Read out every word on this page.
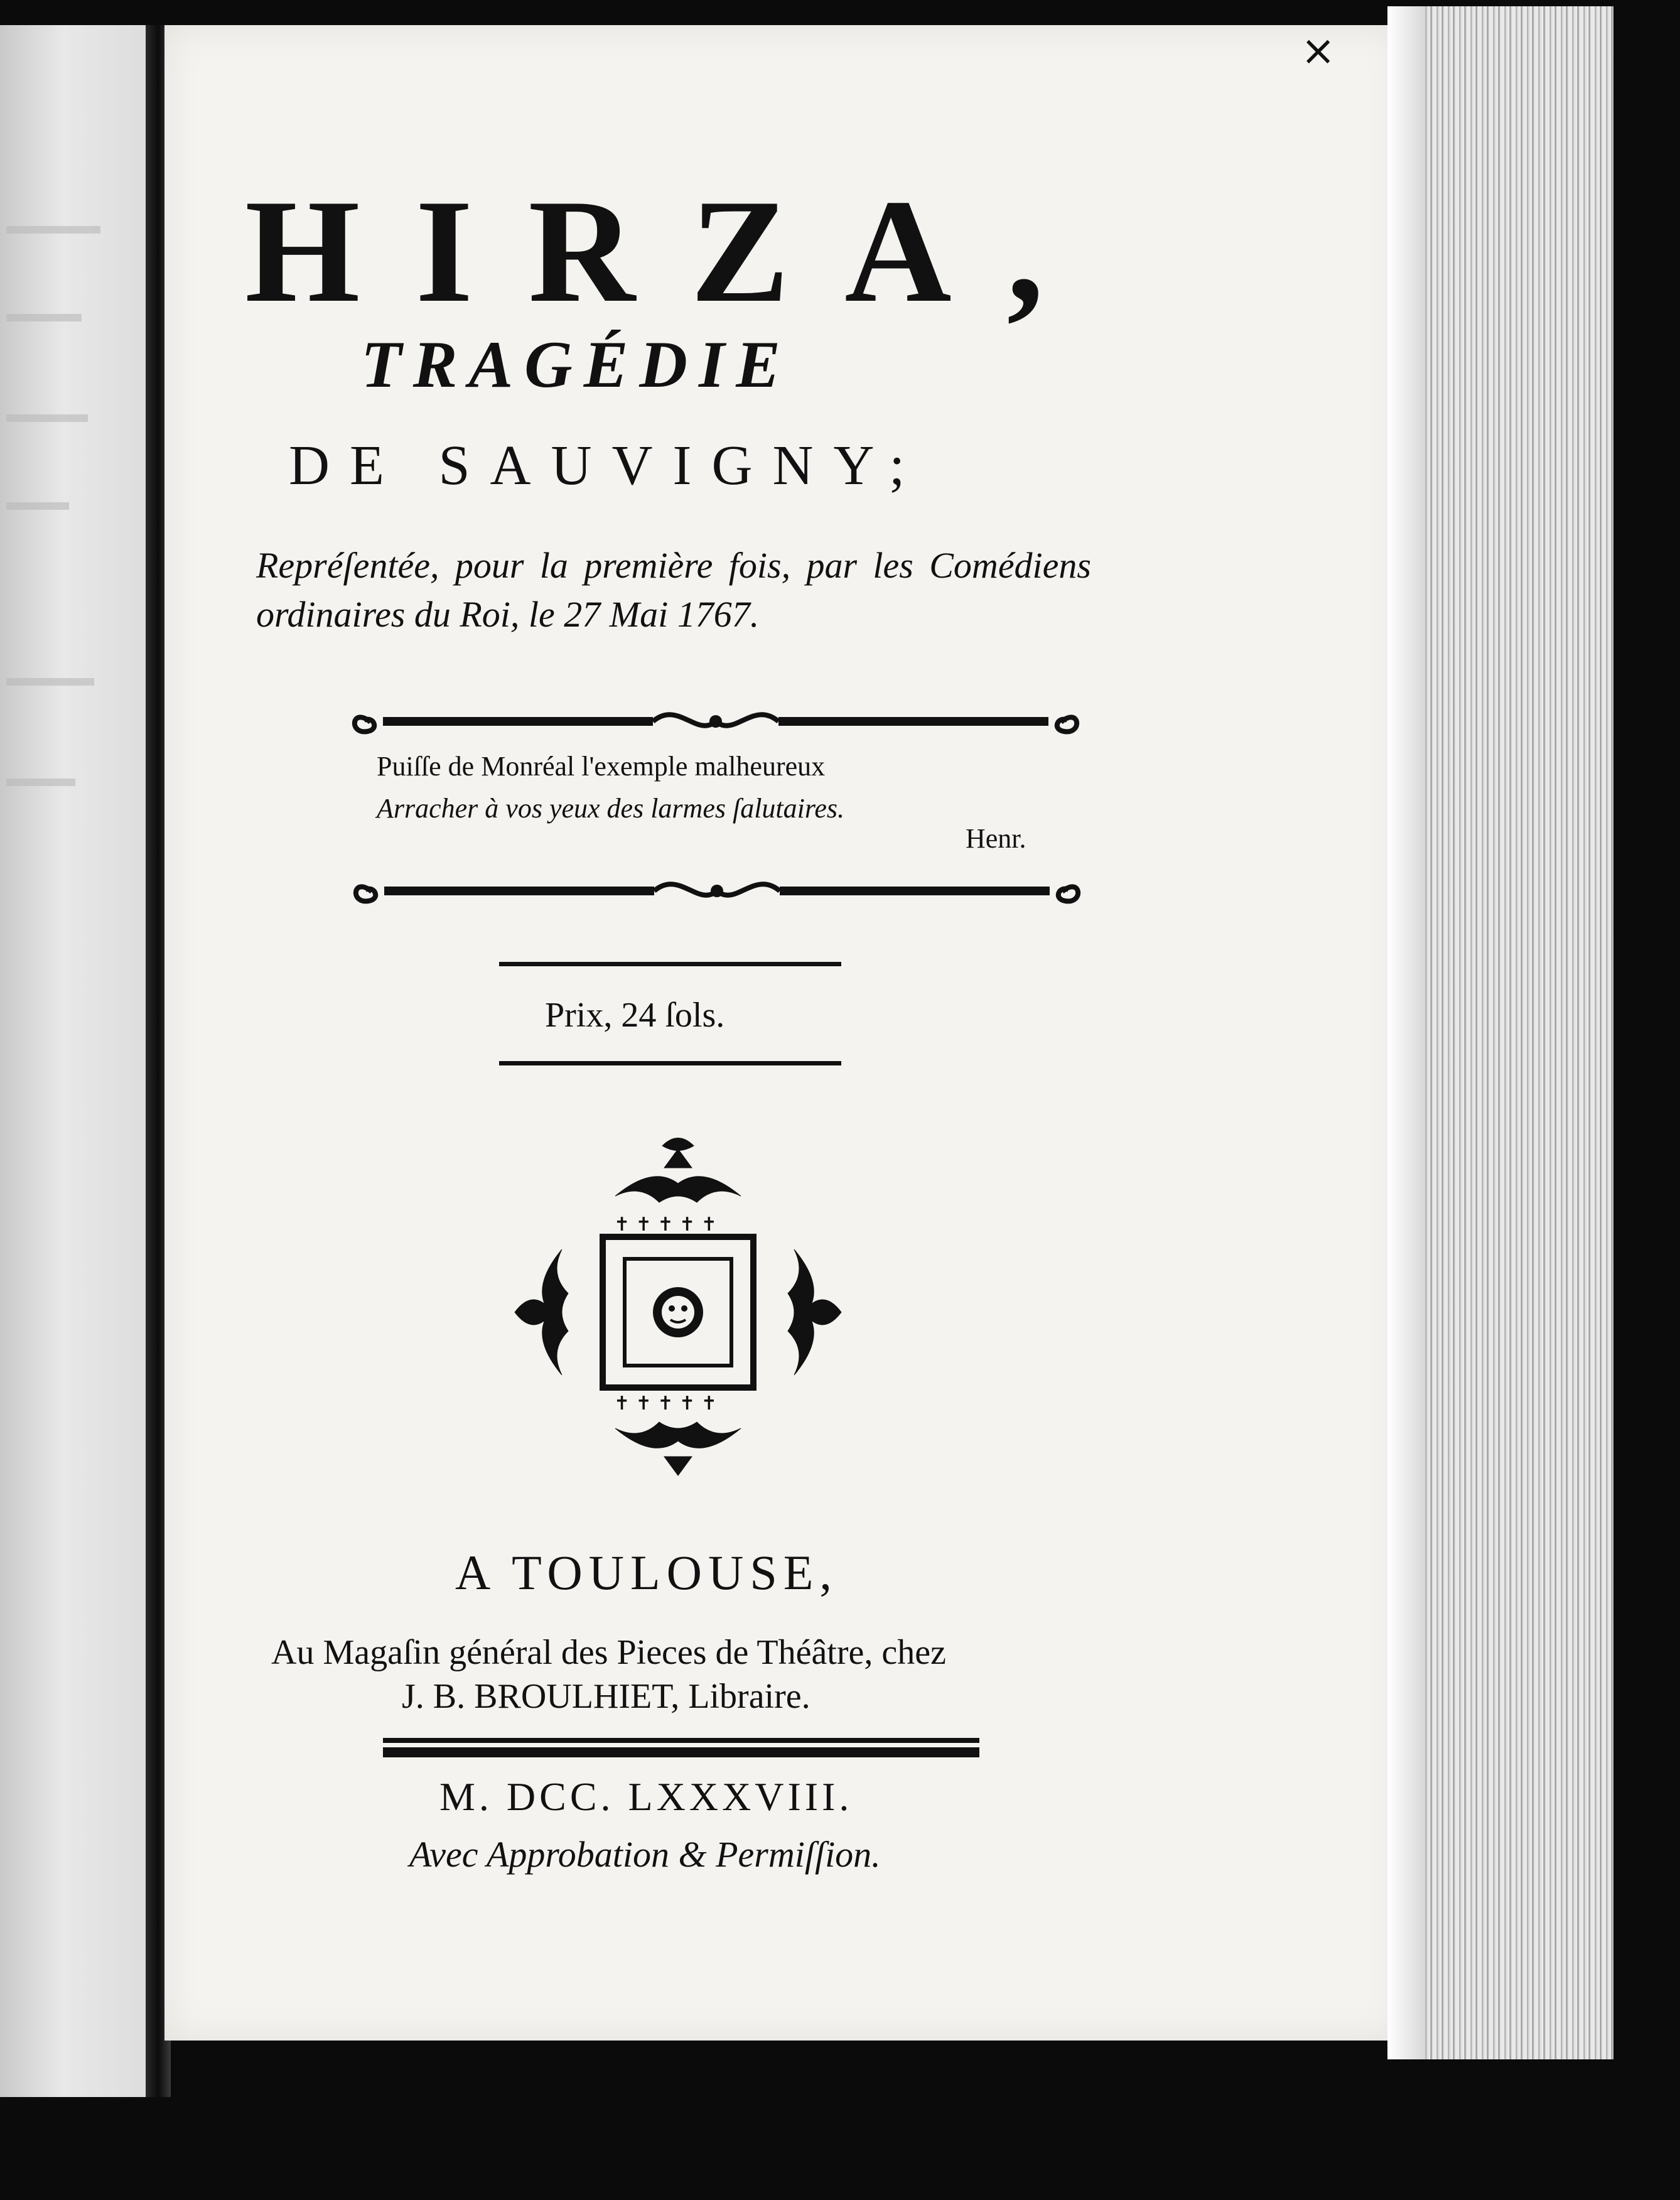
×
HIRZA,
TRAGÉDIE
DE SAUVIGNY;
Repréſentée, pour la première fois, par les Comédiens ordinaires du Roi, le 27 Mai 1767.
Puiſſe de Monréal l'exemple malheureux
Arracher à vos yeux des larmes ſalutaires.
Henr.
Prix, 24 ſols.
✝ ✝ ✝ ✝ ✝
✝ ✝ ✝ ✝ ✝
A TOULOUSE,
Au Magaſin général des Pieces de Théâtre, chez
J. B. BROULHIET, Libraire.
M. DCC. LXXXVIII.
Avec Approbation & Permiſſion.
